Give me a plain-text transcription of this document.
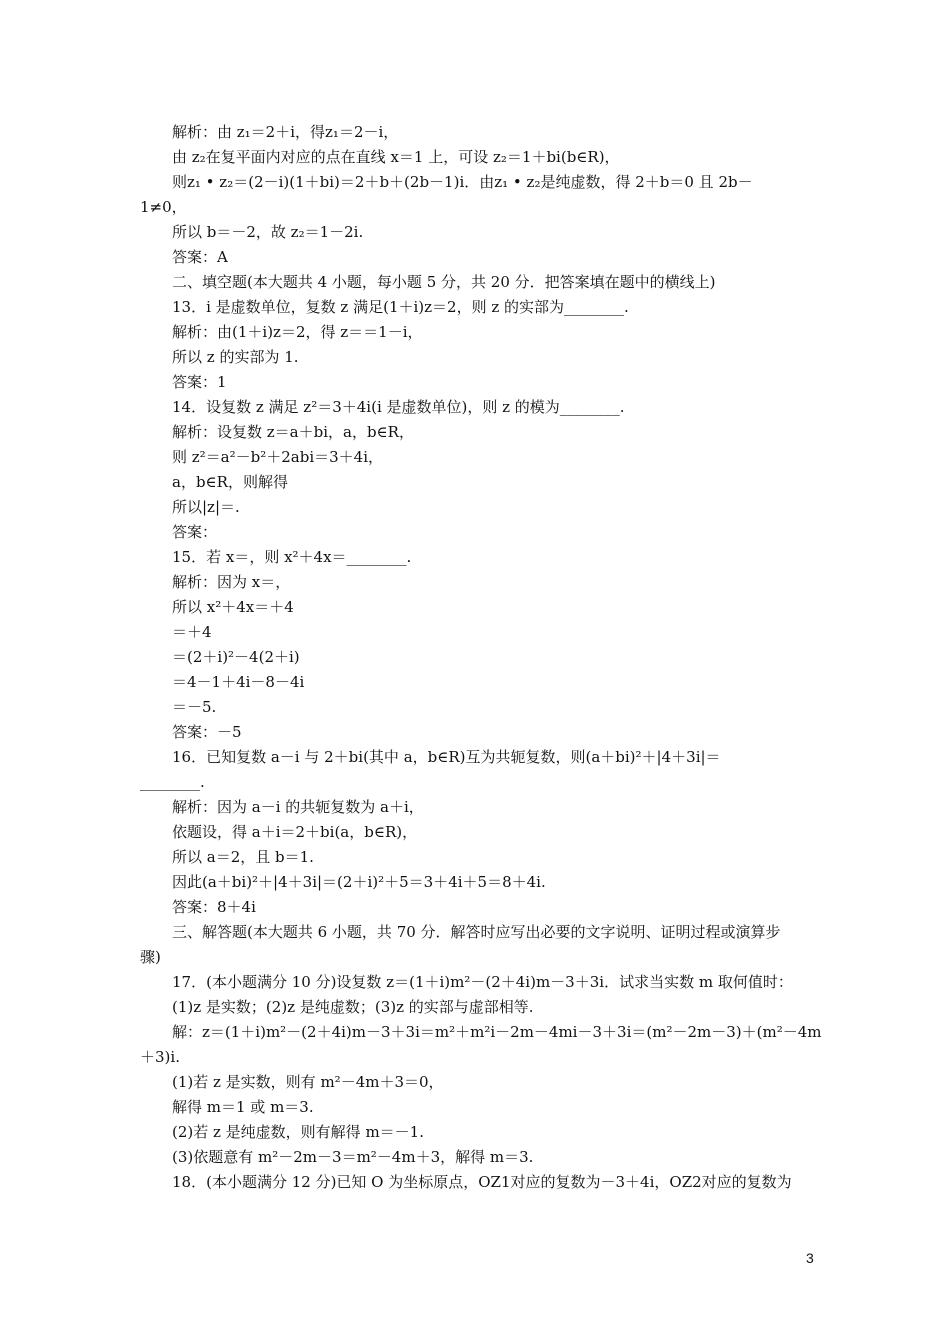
解析：由 z₁＝2＋i，得z₁＝2－i，
由 z₂在复平面内对应的点在直线 x＝1 上，可设 z₂＝1＋bi(b∈R)，
则z₁ • z₂＝(2－i)(1＋bi)＝2＋b＋(2b－1)i．由z₁ • z₂是纯虚数，得 2＋b＝0 且 2b－
1≠0，
所以 b＝－2，故 z₂＝1－2i.
答案：A
二、填空题(本大题共 4 小题，每小题 5 分，共 20 分．把答案填在题中的横线上)
13．i 是虚数单位，复数 z 满足(1＋i)z＝2，则 z 的实部为________.
解析：由(1＋i)z＝2，得 z＝＝1－i，
所以 z 的实部为 1.
答案：1
14．设复数 z 满足 z²＝3＋4i(i 是虚数单位)，则 z 的模为________.
解析：设复数 z＝a＋bi，a，b∈R，
则 z²＝a²－b²＋2abi＝3＋4i，
a，b∈R，则解得
所以|z|＝.
答案：
15．若 x＝，则 x²＋4x＝________.
解析：因为 x＝，
所以 x²＋4x＝＋4
＝＋4
＝(2＋i)²－4(2＋i)
＝4－1＋4i－8－4i
＝－5.
答案：－5
16．已知复数 a－i 与 2＋bi(其中 a，b∈R)互为共轭复数，则(a＋bi)²＋|4＋3i|＝
________.
解析：因为 a－i 的共轭复数为 a＋i，
依题设，得 a＋i＝2＋bi(a，b∈R)，
所以 a＝2，且 b＝1.
因此(a＋bi)²＋|4＋3i|＝(2＋i)²＋5＝3＋4i＋5＝8＋4i.
答案：8＋4i
三、解答题(本大题共 6 小题，共 70 分．解答时应写出必要的文字说明、证明过程或演算步
骤)
17．(本小题满分 10 分)设复数 z＝(1＋i)m²－(2＋4i)m－3＋3i．试求当实数 m 取何值时：
(1)z 是实数；(2)z 是纯虚数；(3)z 的实部与虚部相等.
解：z＝(1＋i)m²－(2＋4i)m－3＋3i＝m²＋m²i－2m－4mi－3＋3i＝(m²－2m－3)＋(m²－4m
＋3)i.
(1)若 z 是实数，则有 m²－4m＋3＝0，
解得 m＝1 或 m＝3.
(2)若 z 是纯虚数，则有解得 m＝－1.
(3)依题意有 m²－2m－3＝m²－4m＋3，解得 m＝3.
18．(本小题满分 12 分)已知 O 为坐标原点，OZ1对应的复数为－3＋4i，OZ2对应的复数为
3
